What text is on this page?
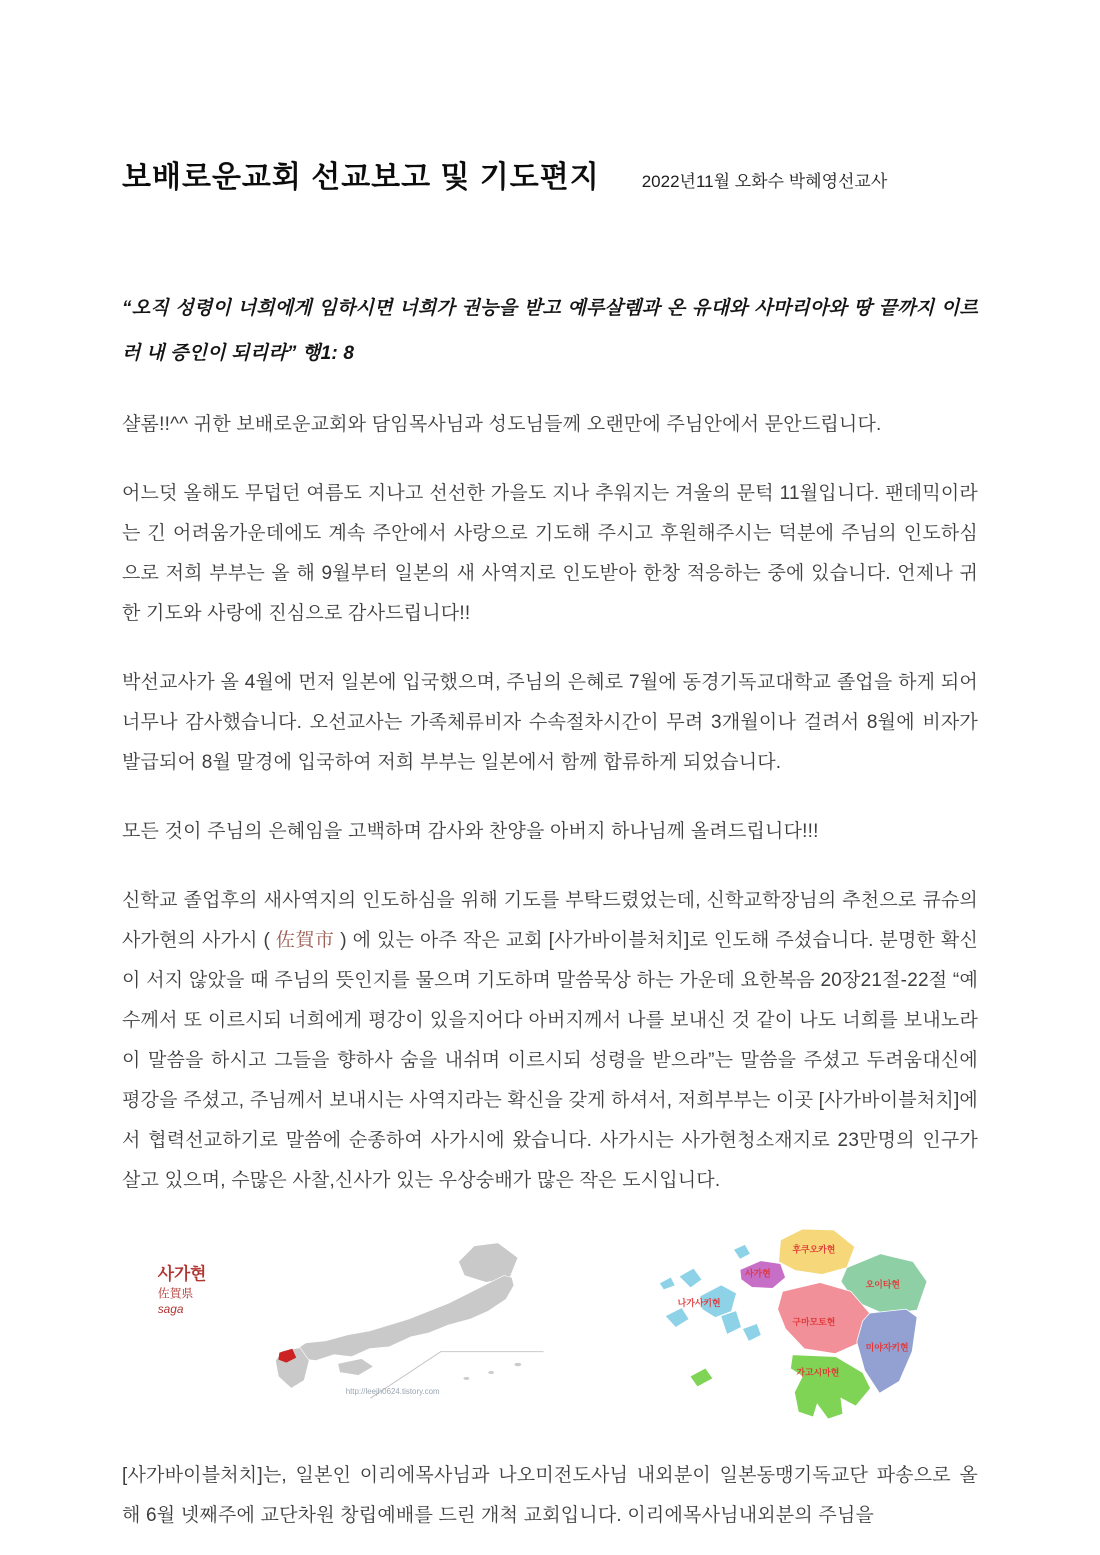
보배로운교회 선교보고 및 기도편지 2022년11월 오화수 박혜영선교사

“오직 성령이 너희에게 임하시면 너희가 권능을 받고 예루살렘과 온 유대와 사마리아와 땅 끝까지 이르러 내 증인이 되리라” 행1: 8

샬롬!!^^ 귀한 보배로운교회와 담임목사님과 성도님들께 오랜만에 주님안에서 문안드립니다.

어느덧 올해도 무덥던 여름도 지나고 선선한 가을도 지나 추워지는 겨울의 문턱 11월입니다. 팬데믹이라는 긴 어려움가운데에도 계속 주안에서 사랑으로 기도해 주시고 후원해주시는 덕분에 주님의 인도하심으로 저희 부부는 올 해 9월부터 일본의 새 사역지로 인도받아 한창 적응하는 중에 있습니다. 언제나 귀한 기도와 사랑에 진심으로 감사드립니다!!

박선교사가 올 4월에 먼저 일본에 입국했으며, 주님의 은혜로 7월에 동경기독교대학교 졸업을 하게 되어 너무나 감사했습니다. 오선교사는 가족체류비자 수속절차시간이 무려 3개월이나 걸려서 8월에 비자가 발급되어 8월 말경에 입국하여 저희 부부는 일본에서 함께 합류하게 되었습니다.

모든 것이 주님의 은혜임을 고백하며 감사와 찬양을 아버지 하나님께 올려드립니다!!!

신학교 졸업후의 새사역지의 인도하심을 위해 기도를 부탁드렸었는데, 신학교학장님의 추천으로 큐슈의 사가현의 사가시 ( 佐賀市 ) 에 있는 아주 작은 교회 [사가바이블처치]로 인도해 주셨습니다. 분명한 확신이 서지 않았을 때 주님의 뜻인지를 물으며 기도하며 말씀묵상 하는 가운데 요한복음 20장21절-22절 “예수께서 또 이르시되 너희에게 평강이 있을지어다 아버지께서 나를 보내신 것 같이 나도 너희를 보내노라 이 말씀을 하시고 그들을 향하사 숨을 내쉬며 이르시되 성령을 받으라”는 말씀을 주셨고 두려움대신에 평강을 주셨고, 주님께서 보내시는 사역지라는 확신을 갖게 하셔서, 저희부부는 이곳 [사가바이블처치]에서 협력선교하기로 말씀에 순종하여 사가시에 왔습니다. 사가시는 사가현청소재지로 23만명의 인구가 살고 있으며, 수많은 사찰,신사가 있는 우상숭배가 많은 작은 도시입니다.

사가현
佐賀県
saga
http://leejh0624.tistory.com
후쿠오카현
사가현
나가사키현
오이타현
구마모토현
미야자키현
가고시마현

[사가바이블처치]는, 일본인 이리에목사님과 나오미전도사님 내외분이 일본동맹기독교단 파송으로 올 해 6월 넷째주에 교단차원 창립예배를 드린 개척 교회입니다. 이리에목사님내외분의 주님을
